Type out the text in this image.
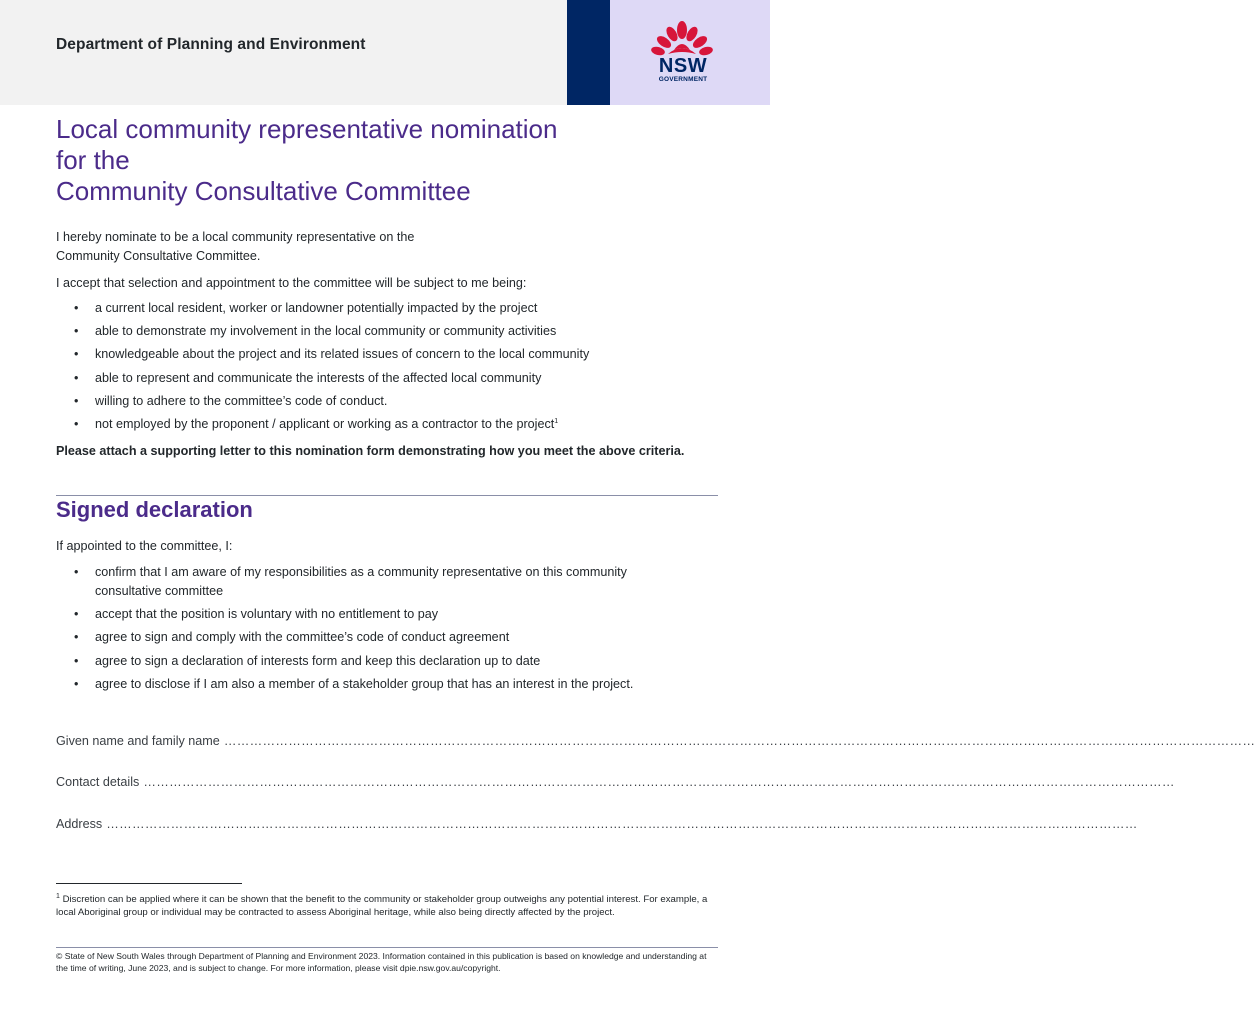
Department of Planning and Environment
NSW
GOVERNMENT
Local community representative nomination
for the
Community Consultative Committee
I hereby nominate to be a local community representative on the
Community Consultative Committee.
I accept that selection and appointment to the committee will be subject to me being:
• a current local resident, worker or landowner potentially impacted by the project
• able to demonstrate my involvement in the local community or community activities
• knowledgeable about the project and its related issues of concern to the local community
• able to represent and communicate the interests of the affected local community
• willing to adhere to the committee’s code of conduct.
• not employed by the proponent / applicant or working as a contractor to the project$^1$
Please attach a supporting letter to this nomination form demonstrating how you meet the above criteria.
Signed declaration
If appointed to the committee, I:
• confirm that I am aware of my responsibilities as a community representative on this community consultative committee
• accept that the position is voluntary with no entitlement to pay
• agree to sign and comply with the committee’s code of conduct agreement
• agree to sign a declaration of interests form and keep this declaration up to date
• agree to disclose if I am also a member of a stakeholder group that has an interest in the project.
Given name and family name ……………………………………………………………………………………………………………………………………………………………………………………………………………………
Contact details ……………………………………………………………………………………………………………………………………………………………………………………………………………………
Address ……………………………………………………………………………………………………………………………………………………………………………………………………………………
$^1$ Discretion can be applied where it can be shown that the benefit to the community or stakeholder group outweighs any potential interest. For example, a local Aboriginal group or individual may be contracted to assess Aboriginal heritage, while also being directly affected by the project.
© State of New South Wales through Department of Planning and Environment 2023. Information contained in this publication is based on knowledge and understanding at the time of writing, June 2023, and is subject to change. For more information, please visit dpie.nsw.gov.au/copyright.
